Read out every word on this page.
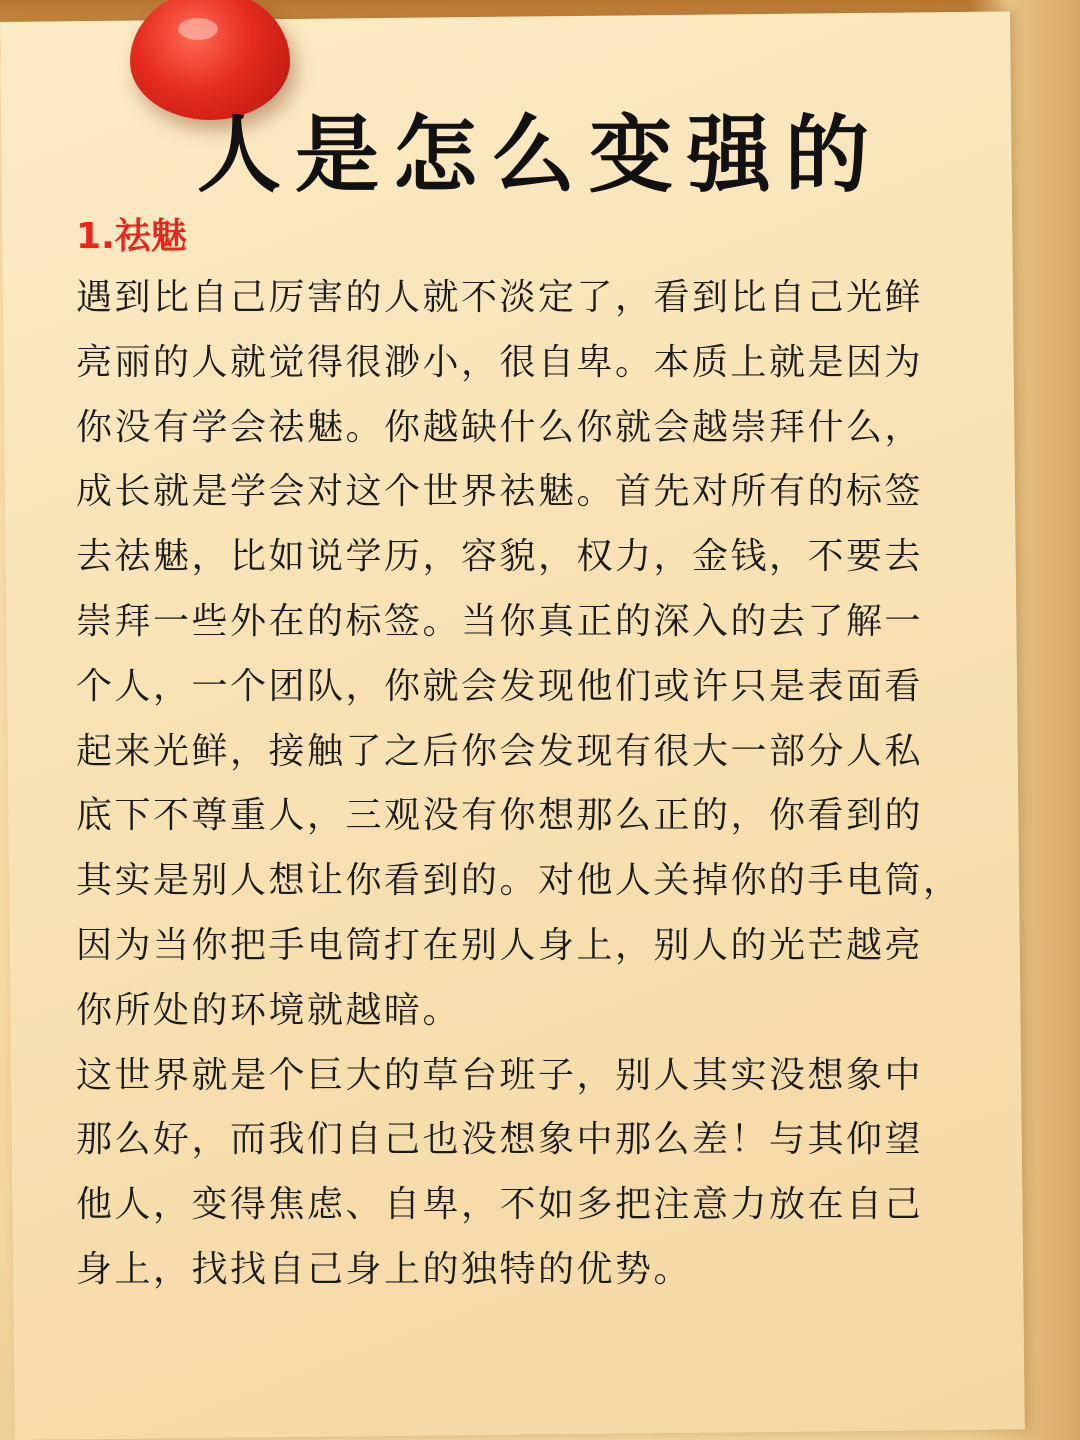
人是怎么变强的
1.祛魅
遇到比自己厉害的人就不淡定了，看到比自己光鲜
亮丽的人就觉得很渺小，很自卑。本质上就是因为
你没有学会祛魅。你越缺什么你就会越崇拜什么，
成长就是学会对这个世界祛魅。首先对所有的标签
去祛魅，比如说学历，容貌，权力，金钱，不要去
崇拜一些外在的标签。当你真正的深入的去了解一
个人，一个团队，你就会发现他们或许只是表面看
起来光鲜，接触了之后你会发现有很大一部分人私
底下不尊重人，三观没有你想那么正的，你看到的
其实是别人想让你看到的。对他人关掉你的手电筒，
因为当你把手电筒打在别人身上，别人的光芒越亮
你所处的环境就越暗。
这世界就是个巨大的草台班子，别人其实没想象中
那么好，而我们自己也没想象中那么差！与其仰望
他人，变得焦虑、自卑，不如多把注意力放在自己
身上，找找自己身上的独特的优势。
